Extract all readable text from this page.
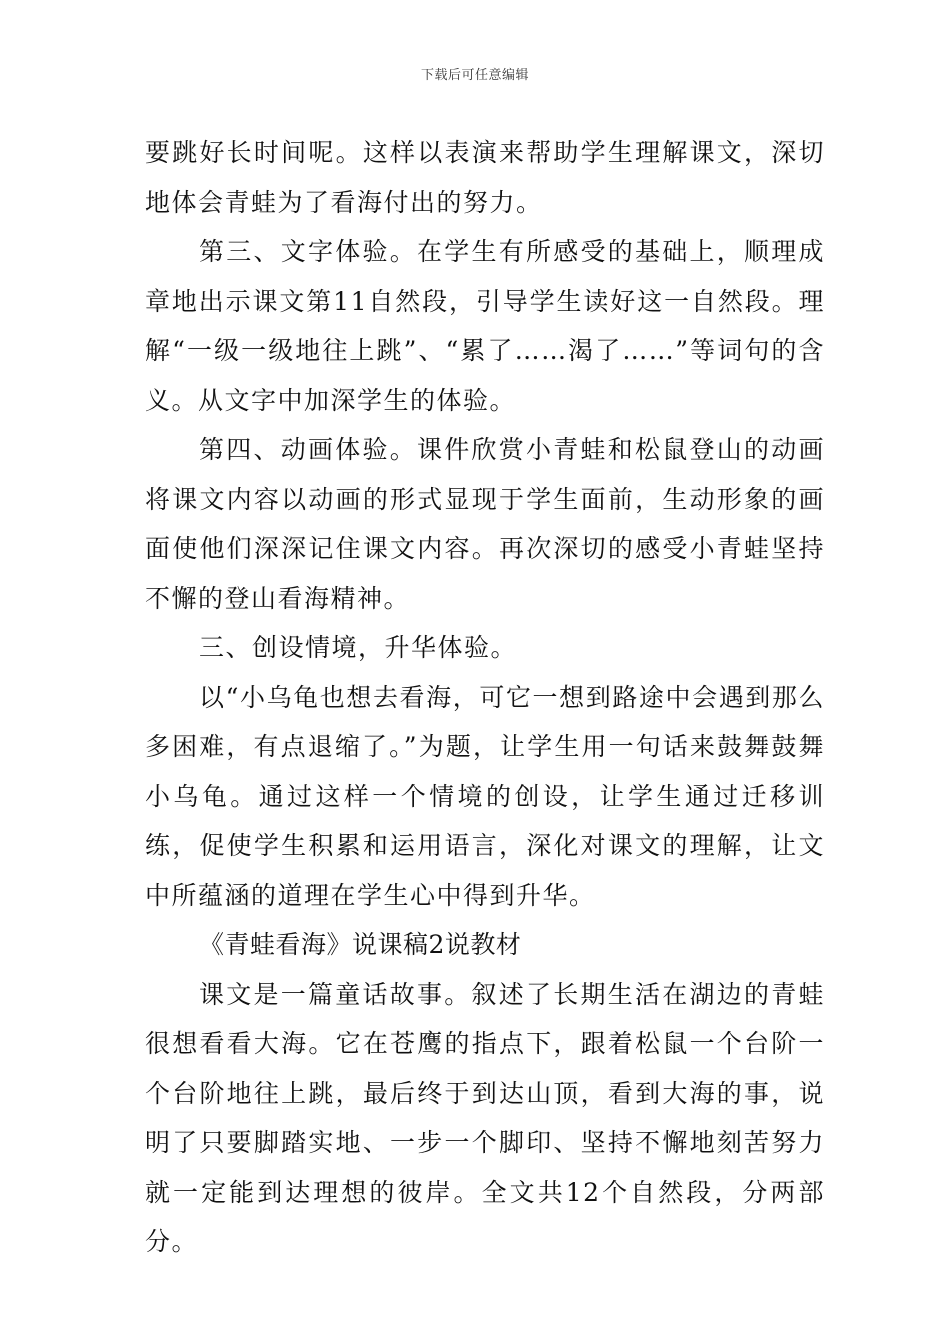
下载后可任意编辑

要跳好长时间呢。这样以表演来帮助学生理解课文，深切地体会青蛙为了看海付出的努力。

第三、文字体验。在学生有所感受的基础上，顺理成章地出示课文第11自然段，引导学生读好这一自然段。理解“一级一级地往上跳”、“累了……渴了……”等词句的含义。从文字中加深学生的体验。

第四、动画体验。课件欣赏小青蛙和松鼠登山的动画将课文内容以动画的形式显现于学生面前，生动形象的画面使他们深深记住课文内容。再次深切的感受小青蛙坚持不懈的登山看海精神。

三、创设情境，升华体验。

以“小乌龟也想去看海，可它一想到路途中会遇到那么多困难，有点退缩了。”为题，让学生用一句话来鼓舞鼓舞小乌龟。通过这样一个情境的创设，让学生通过迁移训练，促使学生积累和运用语言，深化对课文的理解，让文中所蕴涵的道理在学生心中得到升华。

《青蛙看海》说课稿2说教材

课文是一篇童话故事。叙述了长期生活在湖边的青蛙很想看看大海。它在苍鹰的指点下，跟着松鼠一个台阶一个台阶地往上跳，最后终于到达山顶，看到大海的事，说明了只要脚踏实地、一步一个脚印、坚持不懈地刻苦努力就一定能到达理想的彼岸。全文共12个自然段，分两部分。
